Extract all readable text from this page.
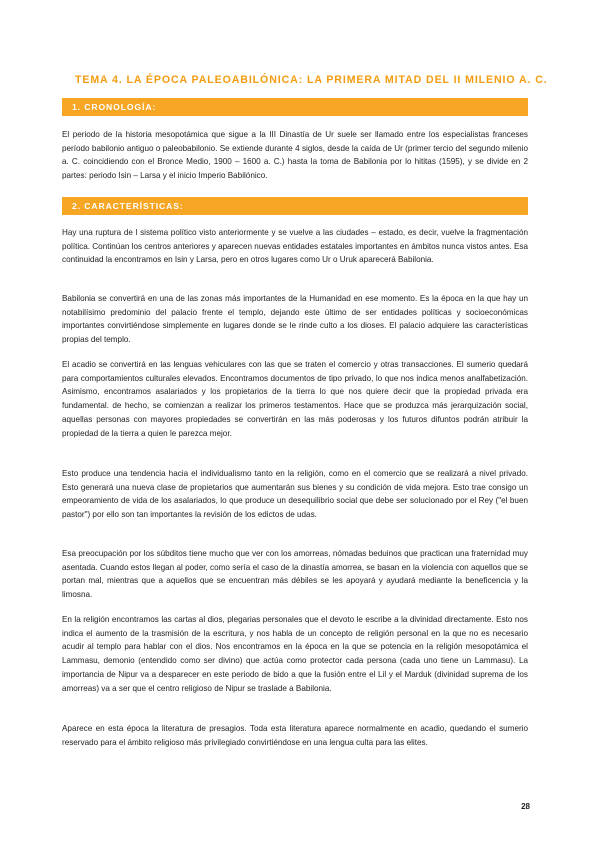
TEMA 4. LA ÉPOCA PALEOABILÓNICA: LA PRIMERA MITAD DEL II MILENIO A. C.
1. CRONOLOGÍA:

El periodo de la historia mesopotámica que sigue a la III Dinastía de Ur suele ser llamado entre los especialistas franceses período babilonio antiguo o paleobabilonio. Se extiende durante 4 siglos, desde la caída de Ur (primer tercio del segundo milenio a. C. coincidiendo con el Bronce Medio, 1900 – 1600 a. C.) hasta la toma de Babilonia por lo hititas (1595), y se divide en 2 partes: periodo Isin – Larsa y el inicio Imperio Babilónico.

2. CARACTERÍSTICAS:

Hay una ruptura de l sistema político visto anteriormente y se vuelve a las ciudades – estado, es decir, vuelve la fragmentación política. Continúan los centros anteriores y aparecen nuevas entidades estatales importantes en ámbitos nunca vistos antes. Esa continuidad la encontramos en Isin y Larsa, pero en otros lugares como Ur o Uruk aparecerá Babilonia.

Babilonia se convertirá en una de las zonas más importantes de la Humanidad en ese momento. Es la época en la que hay un notabilísimo predominio del palacio frente el templo, dejando este último de ser entidades políticas y socioeconómicas importantes convirtiéndose simplemente en lugares donde se le rinde culto a los dioses. El palacio adquiere las características propias del templo.

El acadio se convertirá en las lenguas vehiculares con las que se traten el comercio y otras transacciones. El sumerio quedará para comportamientos culturales elevados. Encontramos documentos de tipo privado, lo que nos indica menos analfabetización. Asimismo, encontramos asalariados y los propietarios de la tierra lo que nos quiere decir que la propiedad privada era fundamental. de hecho, se comienzan a realizar los primeros testamentos. Hace que se produzca más jerarquización social, aquellas personas con mayores propiedades se convertirán en las más poderosas y los futuros difuntos podrán atribuir la propiedad de la tierra a quien le parezca mejor.

Esto produce una tendencia hacia el individualismo tanto en la religión, como en el comercio que se realizará a nivel privado. Esto generará una nueva clase de propietarios que aumentarán sus bienes y su condición de vida mejora. Esto trae consigo un empeoramiento de vida de los asalariados, lo que produce un desequilibrio social que debe ser solucionado por el Rey ("el buen pastor") por ello son tan importantes la revisión de los edictos de udas.

Esa preocupación por los súbditos tiene mucho que ver con los amorreas, nómadas beduinos que practican una fraternidad muy asentada. Cuando estos llegan al poder, como sería el caso de la dinastía amorrea, se basan en la violencia con aquellos que se portan mal, mientras que a aquellos que se encuentran más débiles se les apoyará y ayudará mediante la beneficencia y la limosna.

En la religión encontramos las cartas al dios, plegarias personales que el devoto le escribe a la divinidad directamente. Esto nos indica el aumento de la trasmisión de la escritura, y nos habla de un concepto de religión personal en la que no es necesario acudir al templo para hablar con el dios. Nos encontramos en la época en la que se potencia en la religión mesopotámica el Lammasu, demonio (entendido como ser divino) que actúa como protector cada persona (cada uno tiene un Lammasu). La importancia de Nipur va a desparecer en este periodo de bido a que la fusión entre el Lil y el Marduk (divinidad suprema de los amorreas) va a ser que el centro religioso de Nipur se traslade a Babilonia.

Aparece en esta época la literatura de presagios. Toda esta literatura aparece normalmente en acadio, quedando el sumerio reservado para el ámbito religioso más privilegiado convirtiéndose en una lengua culta para las elites.

28
